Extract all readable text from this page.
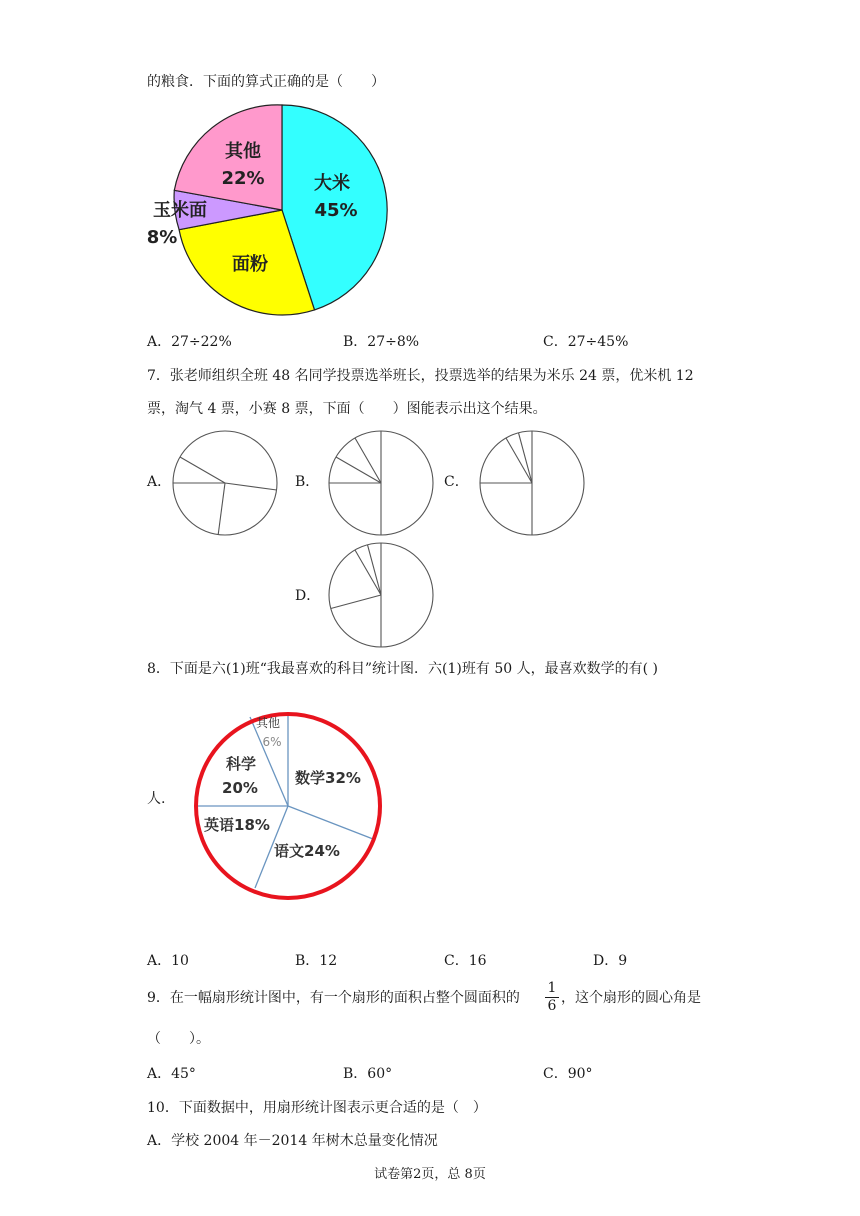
的粮食．下面的算式正确的是（　　）
大米
45%
面粉
玉米面
8%
其他
22%
A．27÷22%	B．27÷8%	C．27÷45%
7．张老师组织全班 48 名同学投票选举班长，投票选举的结果为米乐 24 票，优米机 12
票，淘气 4 票，小赛 8 票，下面（　　）图能表示出这个结果。
A．	B．	C．
D．
8．下面是六(1)班“我最喜欢的科目”统计图．六(1)班有 50 人，最喜欢数学的有( )
人.
其他
6%
科学
20%
数学32%
英语18%
语文24%
A．10	B．12	C．16	D．9
9．在一幅扇形统计图中，有一个扇形的面积占整个圆面积的
1
6 ，这个扇形的圆心角是
（　　）。
A．45°	B．60°	C．90°
10．下面数据中，用扇形统计图表示更合适的是（　）
A．学校 2004 年－2014 年树木总量变化情况
试卷第2页，总 8页
